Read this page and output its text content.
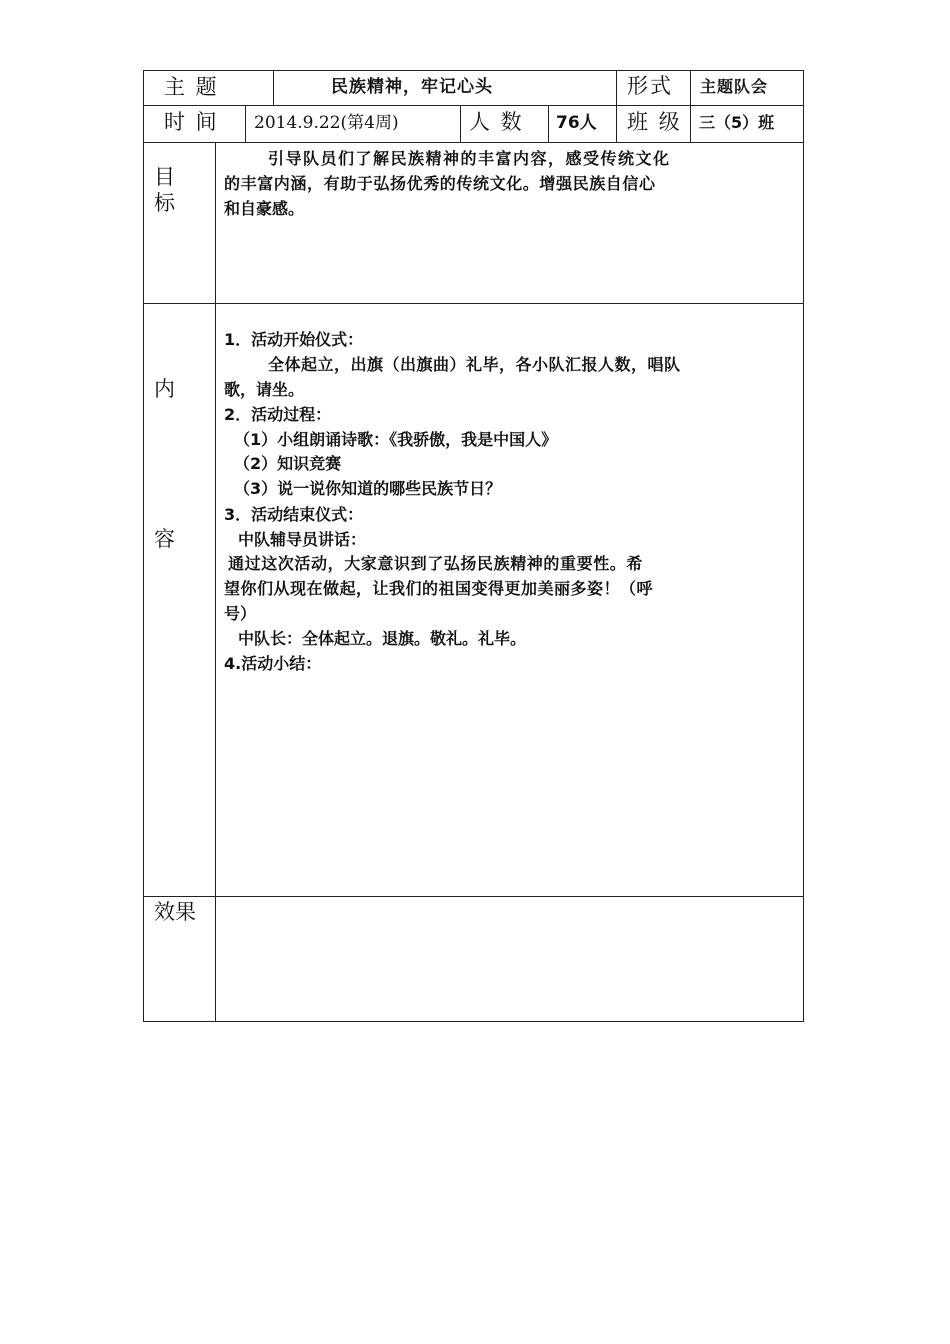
主 题	民族精神，牢记心头	形式 主题队会
时 间 2014.9.22(第4周)	人 数 76人 班 级 三（5）班
目
标
引导队员们了解民族精神的丰富内容，感受传统文化
的丰富内涵，有助于弘扬优秀的传统文化。增强民族自信心
和自豪感。
内
容
1．活动开始仪式：
全体起立，出旗（出旗曲）礼毕，各小队汇报人数，唱队
歌，请坐。
2．活动过程：
（1）小组朗诵诗歌：《我骄傲，我是中国人》
（2）知识竞赛
（3）说一说你知道的哪些民族节日？
3．活动结束仪式：
中队辅导员讲话：
通过这次活动，大家意识到了弘扬民族精神的重要性。希
望你们从现在做起，让我们的祖国变得更加美丽多姿！（呼
号）
中队长：全体起立。退旗。敬礼。礼毕。
4.活动小结：
效果
